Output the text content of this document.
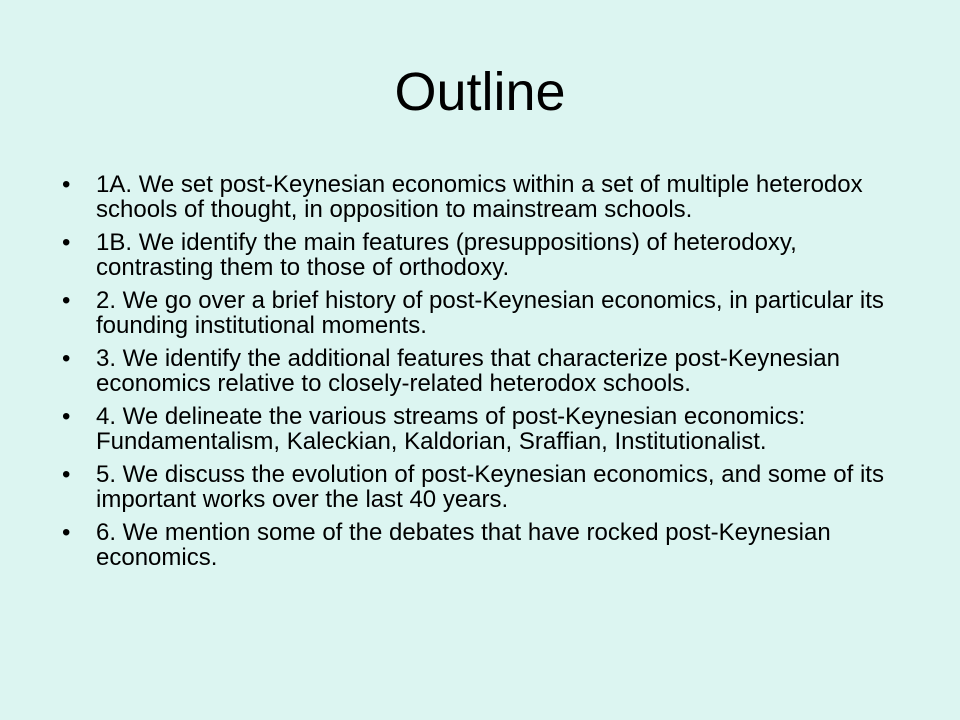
Outline
•	1A. We set post-Keynesian economics within a set of multiple heterodox schools of thought, in opposition to mainstream schools.
•	1B. We identify the main features (presuppositions) of heterodoxy, contrasting them to those of orthodoxy.
•	2. We go over a brief history of post-Keynesian economics, in particular its founding institutional moments.
•	3. We identify the additional features that characterize post-Keynesian economics relative to closely-related heterodox schools.
•	4. We delineate the various streams of post-Keynesian economics: Fundamentalism, Kaleckian, Kaldorian, Sraffian, Institutionalist.
•	5. We discuss the evolution of post-Keynesian economics, and some of its important works over the last 40 years.
•	6. We mention some of the debates that have rocked post-Keynesian economics.
